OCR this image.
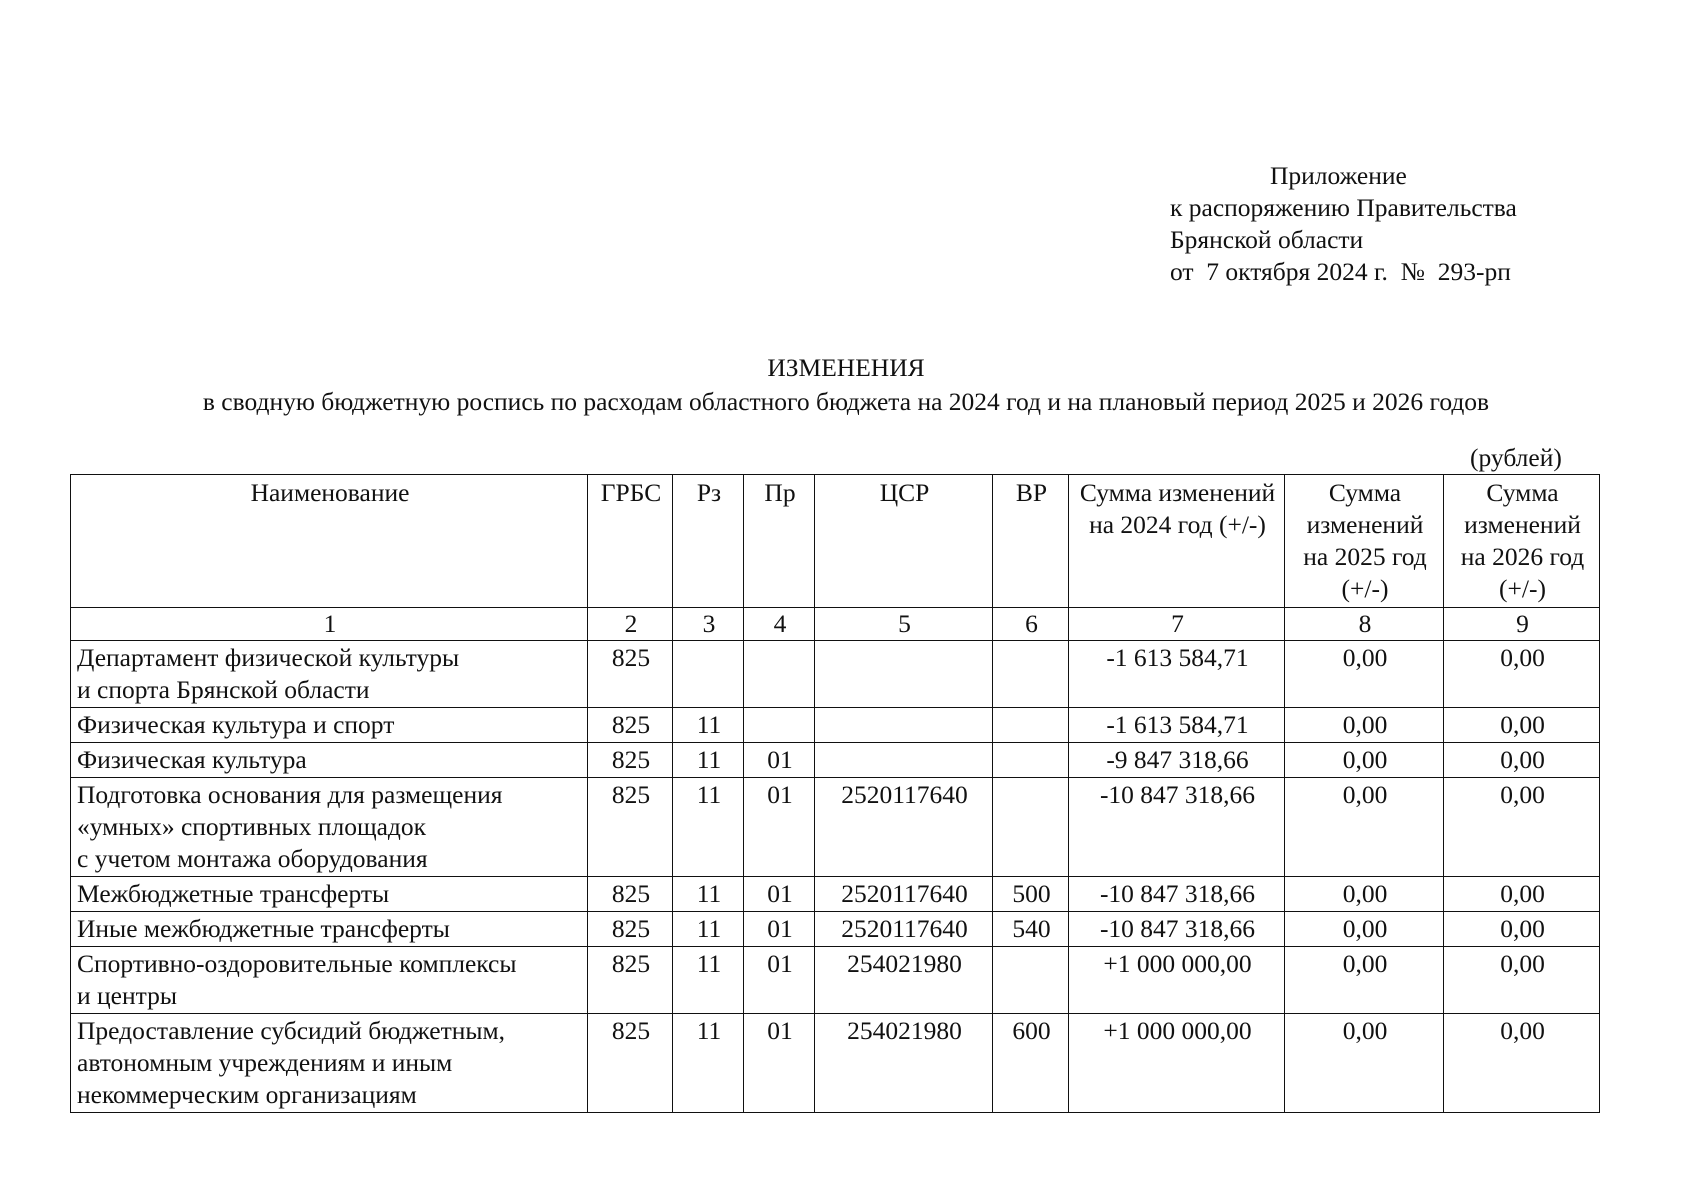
Приложение
к распоряжению Правительства
Брянской области
от  7 октября 2024 г.  №  293-рп
ИЗМЕНЕНИЯ
в сводную бюджетную роспись по расходам областного бюджета на 2024 год и на плановый период 2025 и 2026 годов
(рублей)
Наименование	ГРБС	Рз	Пр	ЦСР	ВР	Сумма изменений на 2024 год (+/-)	Сумма изменений на 2025 год (+/-)	Сумма изменений на 2026 год (+/-)
1	2	3	4	5	6	7	8	9
Департамент физической культуры
и спорта Брянской области	825					-1 613 584,71	0,00	0,00
Физическая культура и спорт	825	11				-1 613 584,71	0,00	0,00
Физическая культура	825	11	01			-9 847 318,66	0,00	0,00
Подготовка основания для размещения
«умных» спортивных площадок
с учетом монтажа оборудования	825	11	01	2520117640		-10 847 318,66	0,00	0,00
Межбюджетные трансферты	825	11	01	2520117640	500	-10 847 318,66	0,00	0,00
Иные межбюджетные трансферты	825	11	01	2520117640	540	-10 847 318,66	0,00	0,00
Спортивно-оздоровительные комплексы
и центры	825	11	01	254021980		+1 000 000,00	0,00	0,00
Предоставление субсидий бюджетным,
автономным учреждениям и иным
некоммерческим организациям	825	11	01	254021980	600	+1 000 000,00	0,00	0,00
